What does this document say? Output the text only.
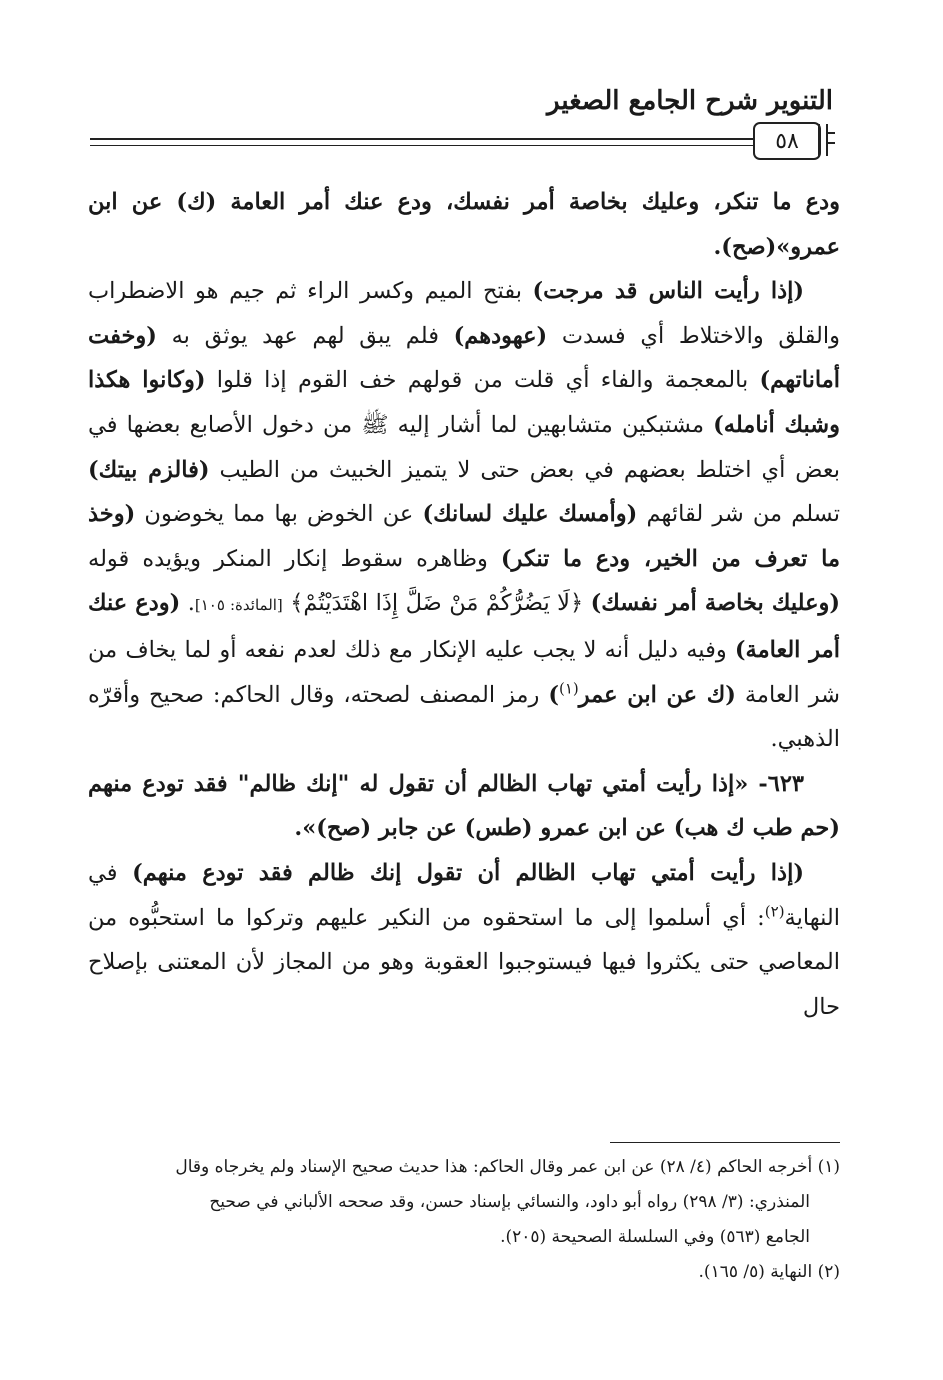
التنوير شرح الجامع الصغير
٥٨

ودع ما تنكر، وعليك بخاصة أمر نفسك، ودع عنك أمر العامة (ك) عن ابن عمرو»(صح).

(إذا رأيت الناس قد مرجت) بفتح الميم وكسر الراء ثم جيم هو الاضطراب والقلق والاختلاط أي فسدت (عهودهم) فلم يبق لهم عهد يوثق به (وخفت أماناتهم) بالمعجمة والفاء أي قلت من قولهم خف القوم إذا قلوا (وكانوا هكذا وشبك أنامله) مشتبكين متشابهين لما أشار إليه ﷺ من دخول الأصابع بعضها في بعض أي اختلط بعضهم في بعض حتى لا يتميز الخبيث من الطيب (فالزم بيتك) تسلم من شر لقائهم (وأمسك عليك لسانك) عن الخوض بها مما يخوضون (وخذ ما تعرف من الخير، ودع ما تنكر) وظاهره سقوط إنكار المنكر ويؤيده قوله (وعليك بخاصة أمر نفسك) ﴿لَا يَضُرُّكُمْ مَنْ ضَلَّ إِذَا اهْتَدَيْتُمْ﴾ [المائدة: ١٠٥]. (ودع عنك أمر العامة) وفيه دليل أنه لا يجب عليه الإنكار مع ذلك لعدم نفعه أو لما يخاف من شر العامة (ك عن ابن عمر$^{(١)}$) رمز المصنف لصحته، وقال الحاكم: صحيح وأقرّه الذهبي.

٦٢٣- «إذا رأيت أمتي تهاب الظالم أن تقول له "إنك ظالم" فقد تودع منهم (حم طب ك هب) عن ابن عمرو (طس) عن جابر (صح)».

(إذا رأيت أمتي تهاب الظالم أن تقول إنك ظالم فقد تودع منهم) في النهاية$^{(٢)}$: أي أسلموا إلى ما استحقوه من النكير عليهم وتركوا ما استحبُّوه من المعاصي حتى يكثروا فيها فيستوجبوا العقوبة وهو من المجاز لأن المعتنى بإصلاح حال

(١) أخرجه الحاكم (٤/ ٢٨) عن ابن عمر وقال الحاكم: هذا حديث صحيح الإسناد ولم يخرجاه وقال

المنذري: (٣/ ٢٩٨) رواه أبو داود، والنسائي بإسناد حسن، وقد صححه الألباني في صحيح

الجامع (٥٦٣) وفي السلسلة الصحيحة (٢٠٥).

(٢) النهاية (٥/ ١٦٥).
